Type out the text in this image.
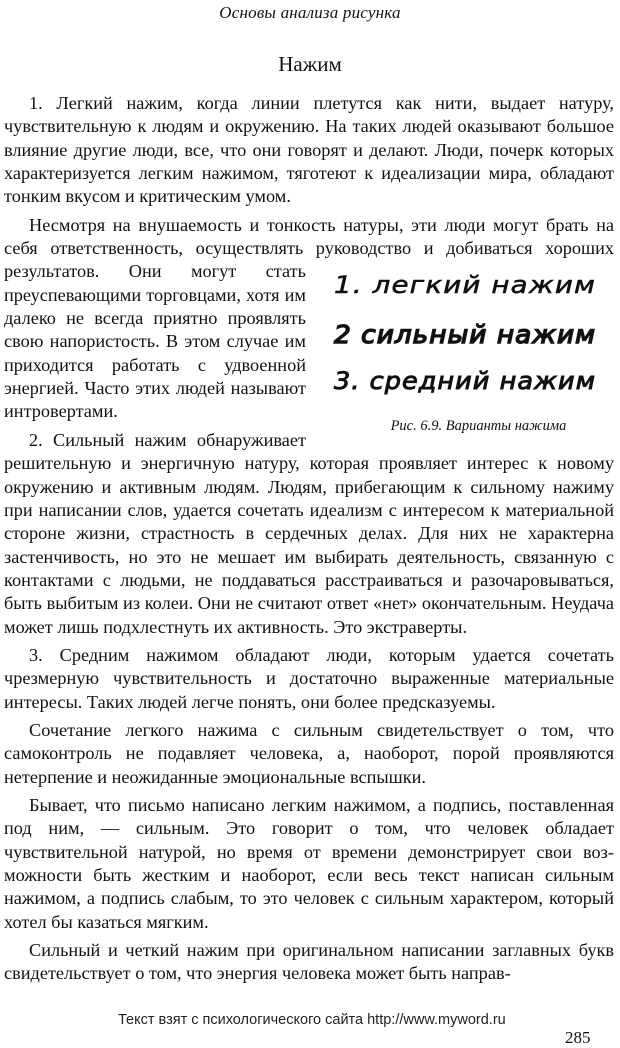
Основы анализа рисунка
Нажим

1. Легкий нажим, когда линии плетутся как нити, выдает натуру, чувствительную к людям и окружению. На таких людей оказывают большое влияние другие люди, все, что они говорят и делают. Люди, почерк которых характеризуется легким нажимом, тяготеют к идеализации мира, обладают тонким вкусом и критическим умом.

Несмотря на внушаемость и тонкость натуры, эти люди могут брать на себя ответственность, осуществлять руководство и добиваться
1. легкий нажим
2 сильный нажим
3. средний нажим
Рис. 6.9. Варианты нажима
хороших результатов. Они могут стать преуспевающими торговцами, хотя им далеко не всегда приятно проявлять свою напористость. В этом случае им приходится работать с удвоенной энергией. Часто этих людей называют интровертами.

2. Сильный нажим обнаруживает решительную и энергичную натуру, которая проявляет интерес к новому окружению и активным людям. Людям, прибегающим к сильному нажиму при написании слов, удается сочетать идеализм с интересом к материальной стороне жизни, страстность в сердечных делах. Для них не характерна застенчивость, но это не мешает им выбирать деятельность, связанную с контактами с людьми, не поддаваться расстраиваться и разочаровываться, быть выбитым из колеи. Они не считают ответ «нет» окончательным. Неудача может лишь подхлестнуть их активность. Это экстраверты.

3. Средним нажимом обладают люди, которым удается сочетать чрезмерную чувствительность и достаточно выраженные материальные интересы. Таких людей легче понять, они более предсказуемы.

Сочетание легкого нажима с сильным свидетельствует о том, что самоконтроль не подавляет человека, а, наоборот, порой проявляются нетерпение и неожиданные эмоциональные вспышки.

Бывает, что письмо написано легким нажимом, а подпись, поставленная под ним, — сильным. Это говорит о том, что человек обладает чувствительной натурой, но время от времени демонстрирует свои возможности быть жестким и наоборот, если весь текст написан сильным нажимом, а подпись слабым, то это человек с сильным характером, который хотел бы казаться мягким.

Сильный и четкий нажим при оригинальном написании заглавных букв свидетельствует о том, что энергия человека может быть направ-

Текст взят с психологического сайта http://www.myword.ru
285
